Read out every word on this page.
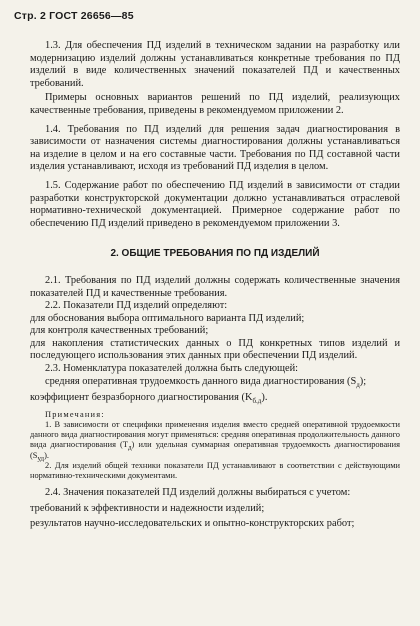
Стр. 2 ГОСТ 26656—85

1.3. Для обеспечения ПД изделий в техническом задании на разработку или модернизацию изделий должны устанавливаться конкретные требования по ПД изделий в виде количественных значений показателей ПД и качественных требований.

Примеры основных вариантов решений по ПД изделий, реализующих качественные требования, приведены в рекомендуемом приложении 2.

1.4. Требования по ПД изделий для решения задач диагностирования в зависимости от назначения системы диагностирования должны устанавливаться на изделие в целом и на его составные части. Требования по ПД составной части изделия устанавливают, исходя из требований ПД изделия в целом.

1.5. Содержание работ по обеспечению ПД изделий в зависимости от стадии разработки конструкторской документации должно устанавливаться отраслевой нормативно-технической документацией. Примерное содержание работ по обеспечению ПД изделий приведено в рекомендуемом приложении 3.

2. ОБЩИЕ ТРЕБОВАНИЯ ПО ПД ИЗДЕЛИЙ

2.1. Требования по ПД изделий должны содержать количественные значения показателей ПД и качественные требования.

2.2. Показатели ПД изделий определяют:

для обоснования выбора оптимального варианта ПД изделий;

для контроля качественных требований;

для накопления статистических данных о ПД конкретных типов изделий и последующего использования этих данных при обеспечении ПД изделий.

2.3. Номенклатура показателей должна быть следующей:

средняя оперативная трудоемкость данного вида диагностирования $(S_д)$;

коэффициент безразборного диагностирования $(K_{б.д})$.

Примечания:

1. В зависимости от специфики применения изделия вместо средней оперативной трудоемкости данного вида диагностирования могут применяться: средняя оперативная продолжительность данного вида диагностирования $(T_д)$ или удельная суммарная оперативная трудоемкость диагностирования $(S_{уд})$.

2. Для изделий общей техники показатели ПД устанавливают в соответствии с действующими нормативно-техническими документами.

2.4. Значения показателей ПД изделий должны выбираться с учетом:

требований к эффективности и надежности изделий;

результатов научно-исследовательских и опытно-конструкторских работ;
